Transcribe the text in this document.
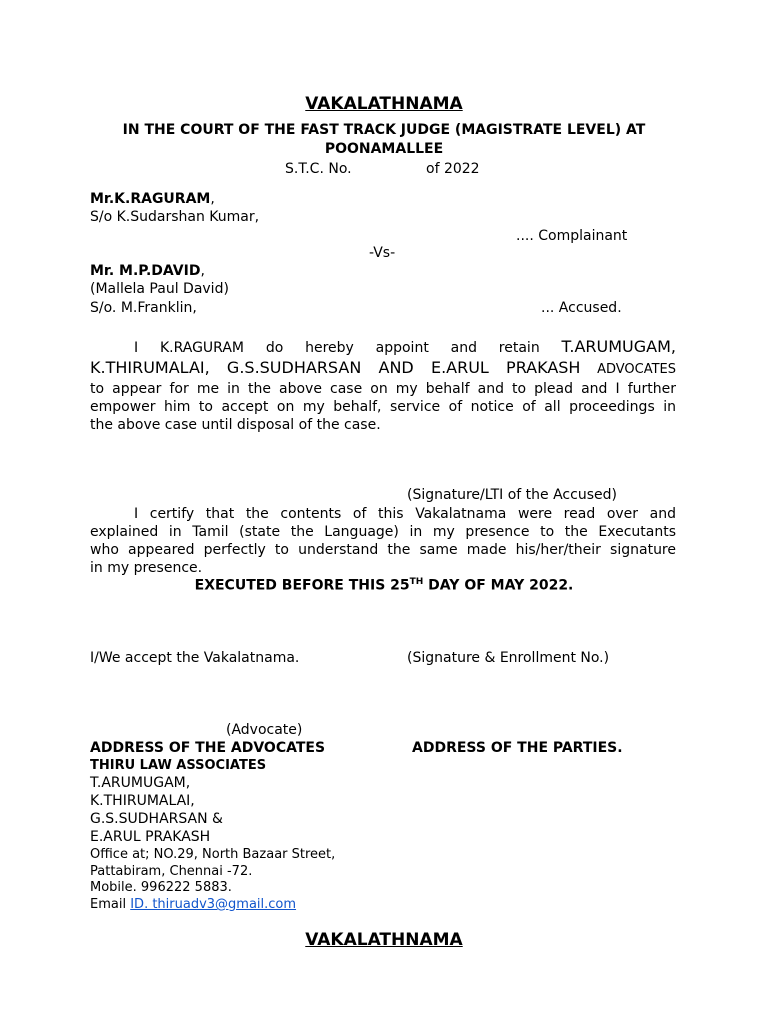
VAKALATHNAMA
IN THE COURT OF THE FAST TRACK JUDGE (MAGISTRATE LEVEL) AT
POONAMALLEE
S.T.C. No.	of 2022
Mr.K.RAGURAM,
S/o K.Sudarshan Kumar,
.... Complainant
-Vs-
Mr. M.P.DAVID,
(Mallela Paul David)
S/o. M.Franklin,	... Accused.
I K.RAGURAM do hereby appoint and retain T.ARUMUGAM,
K.THIRUMALAI, G.S.SUDHARSAN AND E.ARUL PRAKASH ADVOCATES
to appear for me in the above case on my behalf and to plead and I further
empower him to accept on my behalf, service of notice of all proceedings in
the above case until disposal of the case.
(Signature/LTI of the Accused)
I certify that the contents of this Vakalatnama were read over and
explained in Tamil (state the Language) in my presence to the Executants
who appeared perfectly to understand the same made his/her/their signature
in my presence.
EXECUTED BEFORE THIS 25TH DAY OF MAY 2022.
I/We accept the Vakalatnama.	(Signature & Enrollment No.)
(Advocate)
ADDRESS OF THE ADVOCATES	ADDRESS OF THE PARTIES.
THIRU LAW ASSOCIATES
T.ARUMUGAM,
K.THIRUMALAI,
G.S.SUDHARSAN &
E.ARUL PRAKASH
Office at; NO.29, North Bazaar Street,
Pattabiram, Chennai -72.
Mobile. 996222 5883.
Email ID. thiruadv3@gmail.com
VAKALATHNAMA
